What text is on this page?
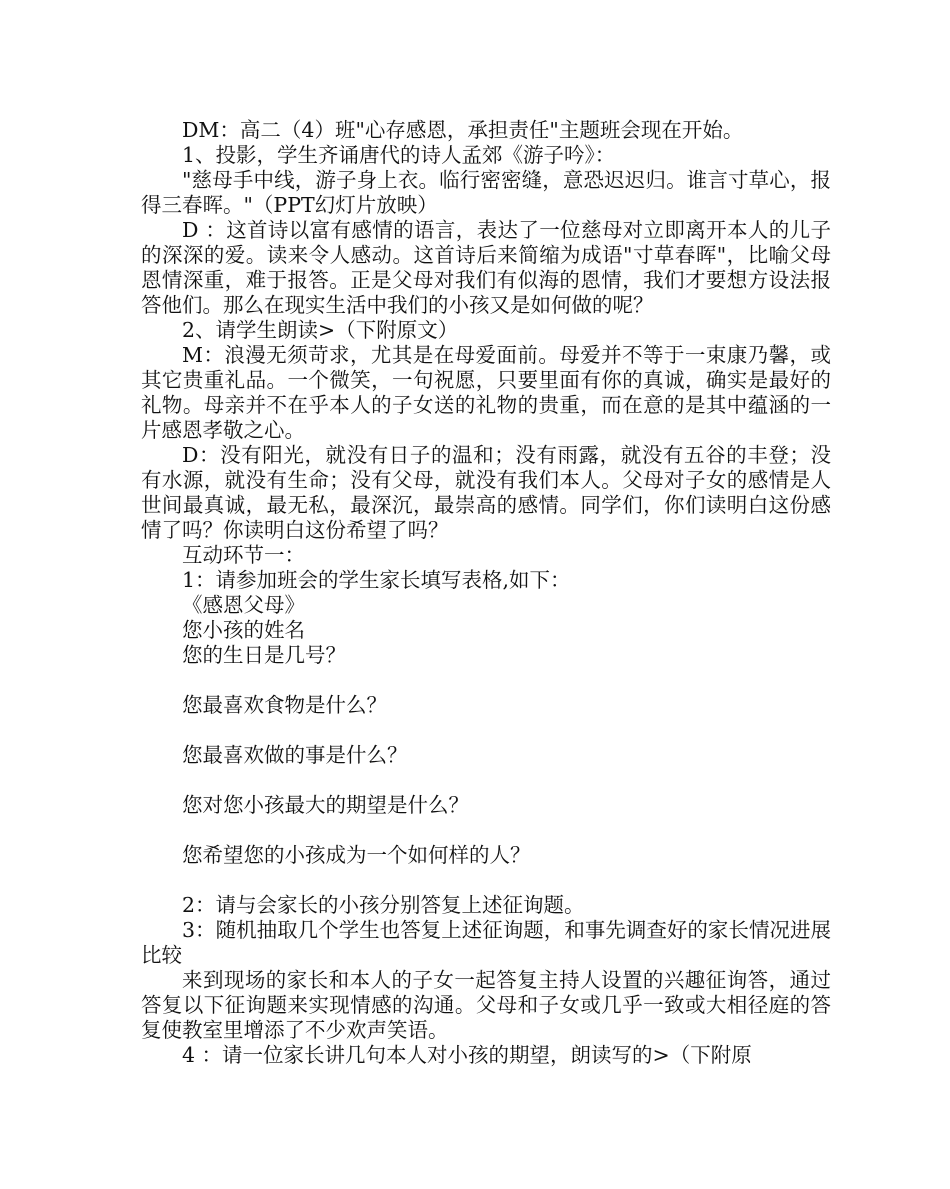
DM：高二（4）班"心存感恩，承担责任"主题班会现在开始。

1、投影，学生齐诵唐代的诗人孟郊《游子吟》：

"慈母手中线，游子身上衣。临行密密缝，意恐迟迟归。谁言寸草心，报得三春晖。"（PPT幻灯片放映）

D ：这首诗以富有感情的语言，表达了一位慈母对立即离开本人的儿子的深深的爱。读来令人感动。这首诗后来简缩为成语"寸草春晖"，比喻父母恩情深重，难于报答。正是父母对我们有似海的恩情，我们才要想方设法报答他们。那么在现实生活中我们的小孩又是如何做的呢？

2、请学生朗读>（下附原文）

M：浪漫无须苛求，尤其是在母爱面前。母爱并不等于一束康乃馨，或其它贵重礼品。一个微笑，一句祝愿，只要里面有你的真诚，确实是最好的礼物。母亲并不在乎本人的子女送的礼物的贵重，而在意的是其中蕴涵的一片感恩孝敬之心。

D：没有阳光，就没有日子的温和；没有雨露，就没有五谷的丰登；没有水源，就没有生命；没有父母，就没有我们本人。父母对子女的感情是人世间最真诚，最无私，最深沉，最崇高的感情。同学们，你们读明白这份感情了吗？你读明白这份希望了吗？

互动环节一：

1：请参加班会的学生家长填写表格,如下：

《感恩父母》

您小孩的姓名

您的生日是几号？

您最喜欢食物是什么？

您最喜欢做的事是什么？

您对您小孩最大的期望是什么？

您希望您的小孩成为一个如何样的人？

2：请与会家长的小孩分别答复上述征询题。

3：随机抽取几个学生也答复上述征询题，和事先调查好的家长情况进展比较

来到现场的家长和本人的子女一起答复主持人设置的兴趣征询答，通过答复以下征询题来实现情感的沟通。父母和子女或几乎一致或大相径庭的答复使教室里增添了不少欢声笑语。

4 ：请一位家长讲几句本人对小孩的期望，朗读写的>（下附原
